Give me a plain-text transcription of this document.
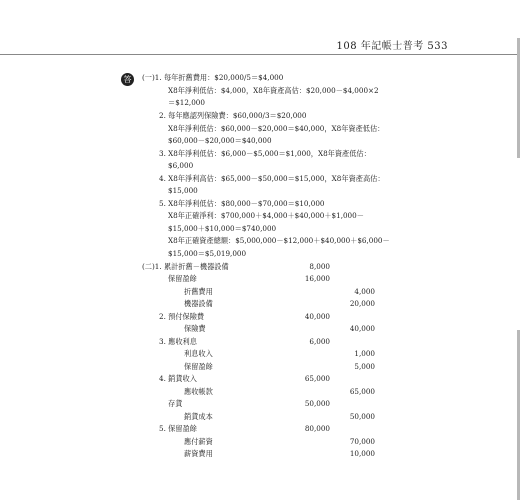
108 年記帳士普考 533
答	(一)1. 每年折舊費用：$20,000/5＝$4,000
X8年淨利低估：$4,000，X8年資產高估：$20,000－$4,000×2
＝$12,000
2. 每年應認列保險費：$60,000/3＝$20,000
X8年淨利低估：$60,000－$20,000＝$40,000，X8年資產低估：
$60,000－$20,000＝$40,000
3. X8年淨利低估：$6,000－$5,000＝$1,000，X8年資產低估：
$6,000
4. X8年淨利高估：$65,000－$50,000＝$15,000，X8年資產高估：
$15,000
5. X8年淨利低估：$80,000－$70,000＝$10,000
X8年正確淨利：$700,000＋$4,000＋$40,000＋$1,000－
$15,000＋$10,000＝$740,000
X8年正確資產總額：$5,000,000－$12,000＋$40,000＋$6,000－
$15,000＝$5,019,000
(二)1. 累計折舊－機器設備	8,000
保留盈餘	16,000
折舊費用	4,000
機器設備	20,000
2. 預付保險費	40,000
保險費	40,000
3. 應收利息	6,000
利息收入	1,000
保留盈餘	5,000
4. 銷貨收入	65,000
應收帳款	65,000
存貨	50,000
銷貨成本	50,000
5. 保留盈餘	80,000
應付薪資	70,000
薪資費用	10,000
